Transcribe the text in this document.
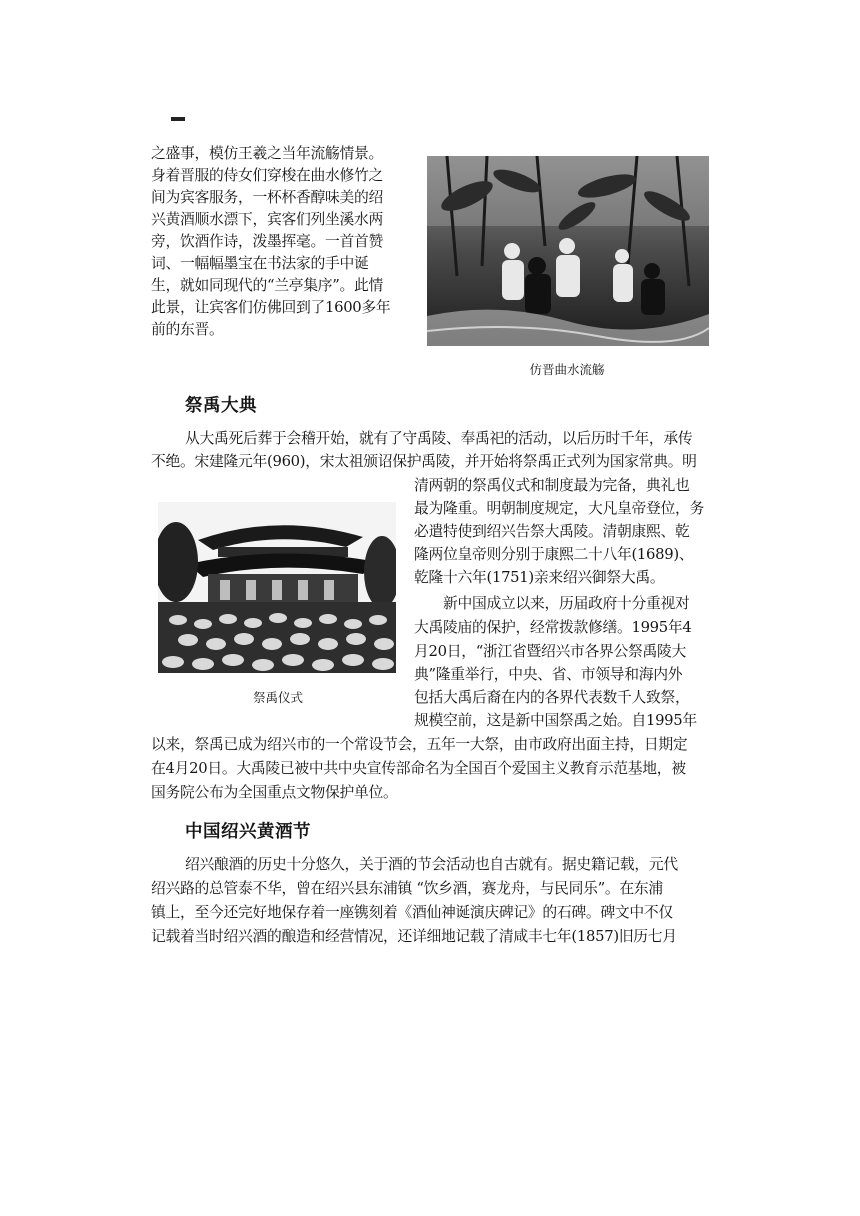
之盛事，模仿王羲之当年流觞情景。
身着晋服的侍女们穿梭在曲水修竹之
间为宾客服务，一杯杯香醇味美的绍
兴黄酒顺水漂下，宾客们列坐溪水两
旁，饮酒作诗，泼墨挥毫。一首首赞
词、一幅幅墨宝在书法家的手中诞
生，就如同现代的“兰亭集序”。此情
此景，让宾客们仿佛回到了1600多年
前的东晋。
仿晋曲水流觞
祭禹大典
从大禹死后葬于会稽开始，就有了守禹陵、奉禹祀的活动，以后历时千年，承传
不绝。宋建隆元年(960)，宋太祖颁诏保护禹陵，并开始将祭禹正式列为国家常典。明
祭禹仪式
清两朝的祭禹仪式和制度最为完备，典礼也
最为隆重。明朝制度规定，大凡皇帝登位，务
必遣特使到绍兴告祭大禹陵。清朝康熙、乾
隆两位皇帝则分别于康熙二十八年(1689)、
乾隆十六年(1751)亲来绍兴御祭大禹。
新中国成立以来，历届政府十分重视对
大禹陵庙的保护，经常拨款修缮。1995年4
月20日，“浙江省暨绍兴市各界公祭禹陵大
典”隆重举行，中央、省、市领导和海内外
包括大禹后裔在内的各界代表数千人致祭，
规模空前，这是新中国祭禹之始。自1995年
以来，祭禹已成为绍兴市的一个常设节会，五年一大祭，由市政府出面主持，日期定
在4月20日。大禹陵已被中共中央宣传部命名为全国百个爱国主义教育示范基地，被
国务院公布为全国重点文物保护单位。
中国绍兴黄酒节
绍兴酿酒的历史十分悠久，关于酒的节会活动也自古就有。据史籍记载，元代
绍兴路的总管泰不华，曾在绍兴县东浦镇 “饮乡酒，赛龙舟，与民同乐”。在东浦
镇上，至今还完好地保存着一座镌刻着《酒仙神诞演庆碑记》的石碑。碑文中不仅
记载着当时绍兴酒的酿造和经营情况，还详细地记载了清咸丰七年(1857)旧历七月
